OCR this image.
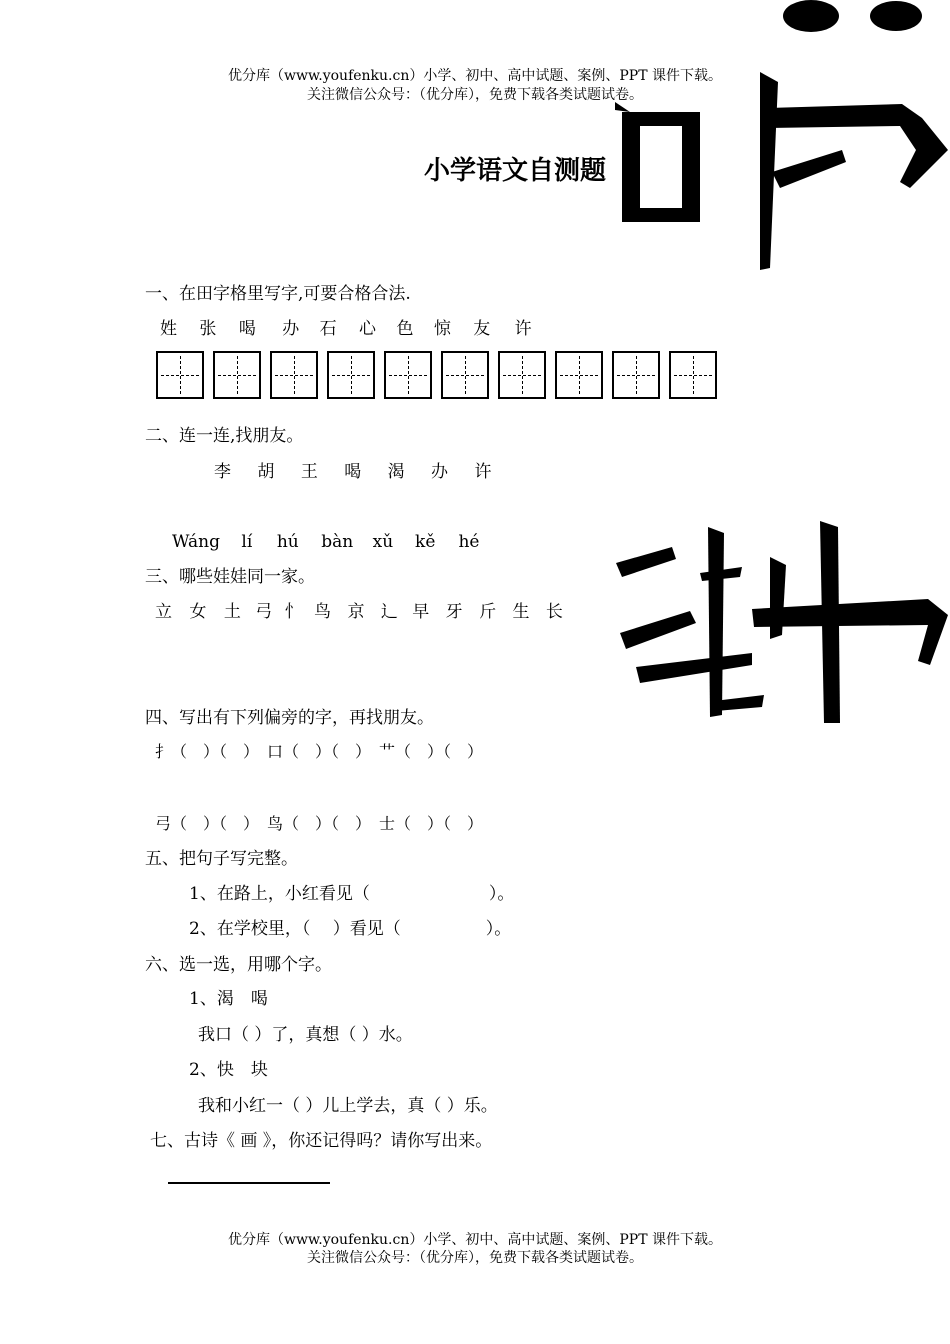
优分库（www.youfenku.cn）小学、初中、高中试题、案例、PPT 课件下载。
关注微信公众号：（优分库），免费下载各类试题试卷。
小学语文自测题
一、在田字格里写字,可要合格合法.
姓 张 喝 办 石 心 色 惊 友 许
二、连一连,找朋友。
李 胡 王 喝 渴 办 许
Wáng lí hú bàn xǔ kě hé
三、哪些娃娃同一家。
立 女 土 弓 忄 鸟 京 辶 早 牙 斤 生 长
四、写出有下列偏旁的字，再找朋友。
扌（　）（　）　口（　）（　）　艹（　）（　）
弓（　）（　）　鸟（　）（　）　士（　）（　）
五、把句子写完整。
1、在路上，小红看见（　　　　　　　）。
2、在学校里，（　 ）看见（　　　　　）。
六、选一选，用哪个字。
1、渴　喝
我口（ ）了，真想（ ）水。
2、快　块
我和小红一（ ）儿上学去，真（ ）乐。
七、古诗《 画 》，你还记得吗？请你写出来。
优分库（www.youfenku.cn）小学、初中、高中试题、案例、PPT 课件下载。
关注微信公众号：（优分库），免费下载各类试题试卷。
